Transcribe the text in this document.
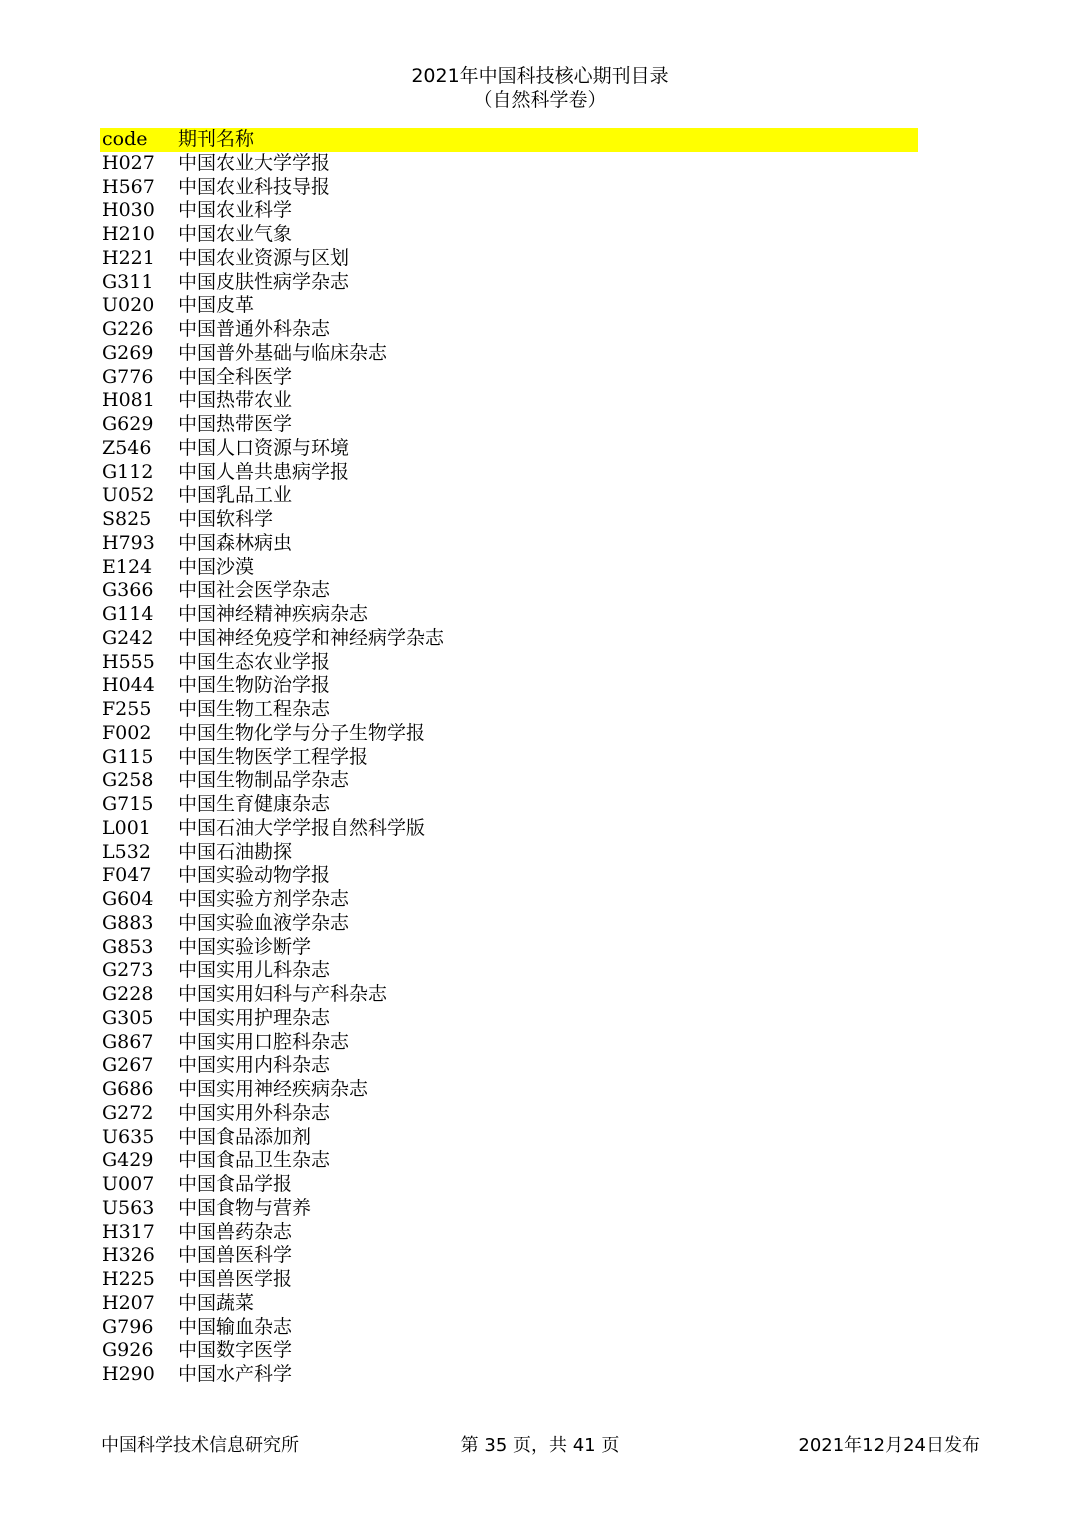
2021年中国科技核心期刊目录
（自然科学卷）
code 期刊名称
H027 中国农业大学学报
H567 中国农业科技导报
H030 中国农业科学
H210 中国农业气象
H221 中国农业资源与区划
G311 中国皮肤性病学杂志
U020 中国皮革
G226 中国普通外科杂志
G269 中国普外基础与临床杂志
G776 中国全科医学
H081 中国热带农业
G629 中国热带医学
Z546 中国人口资源与环境
G112 中国人兽共患病学报
U052 中国乳品工业
S825 中国软科学
H793 中国森林病虫
E124 中国沙漠
G366 中国社会医学杂志
G114 中国神经精神疾病杂志
G242 中国神经免疫学和神经病学杂志
H555 中国生态农业学报
H044 中国生物防治学报
F255 中国生物工程杂志
F002 中国生物化学与分子生物学报
G115 中国生物医学工程学报
G258 中国生物制品学杂志
G715 中国生育健康杂志
L001 中国石油大学学报自然科学版
L532 中国石油勘探
F047 中国实验动物学报
G604 中国实验方剂学杂志
G883 中国实验血液学杂志
G853 中国实验诊断学
G273 中国实用儿科杂志
G228 中国实用妇科与产科杂志
G305 中国实用护理杂志
G867 中国实用口腔科杂志
G267 中国实用内科杂志
G686 中国实用神经疾病杂志
G272 中国实用外科杂志
U635 中国食品添加剂
G429 中国食品卫生杂志
U007 中国食品学报
U563 中国食物与营养
H317 中国兽药杂志
H326 中国兽医科学
H225 中国兽医学报
H207 中国蔬菜
G796 中国输血杂志
G926 中国数字医学
H290 中国水产科学
中国科学技术信息研究所	第 35 页，共 41 页	2021年12月24日发布
